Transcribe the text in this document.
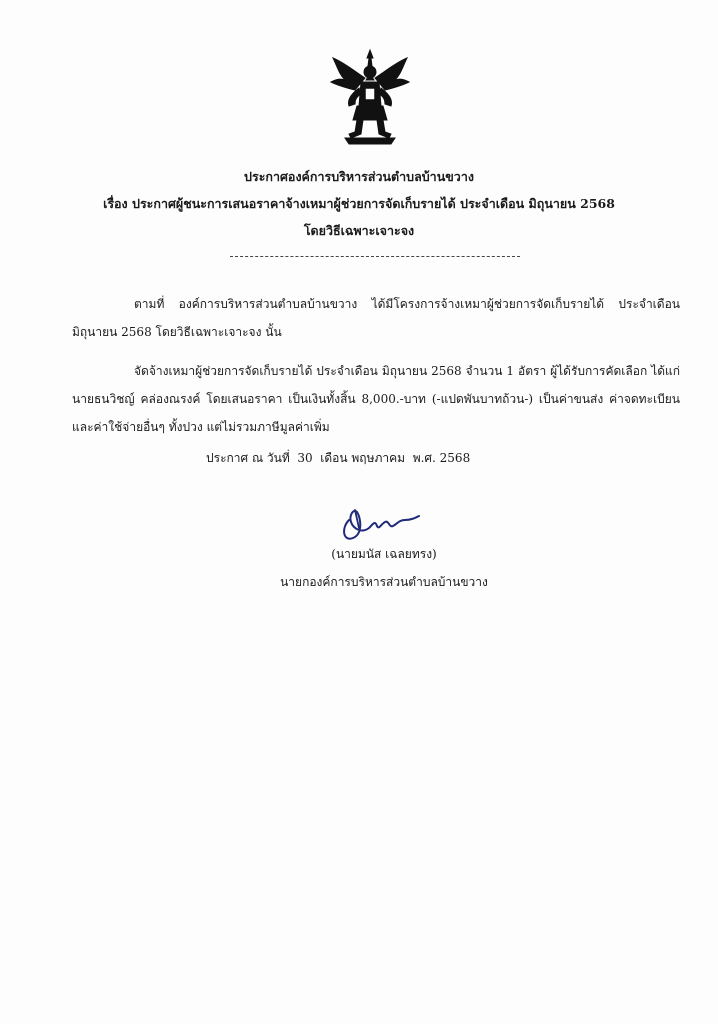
ประกาศองค์การบริหารส่วนตำบลบ้านขวาง
เรื่อง ประกาศผู้ชนะการเสนอราคาจ้างเหมาผู้ช่วยการจัดเก็บรายได้ ประจำเดือน มิถุนายน 2568
โดยวิธีเฉพาะเจาะจง
ตามที่ องค์การบริหารส่วนตำบลบ้านขวาง ได้มีโครงการจ้างเหมาผู้ช่วยการจัดเก็บรายได้ ประจำเดือน มิถุนายน 2568 โดยวิธีเฉพาะเจาะจง นั้น
จัดจ้างเหมาผู้ช่วยการจัดเก็บรายได้ ประจำเดือน มิถุนายน 2568 จำนวน 1 อัตรา ผู้ได้รับการคัดเลือก ได้แก่ นายธนวิชญ์ คล่องณรงค์ โดยเสนอราคา เป็นเงินทั้งสิ้น 8,000.-บาท (-แปดพันบาทถ้วน-) เป็นค่าขนส่ง ค่าจดทะเบียน และค่าใช้จ่ายอื่นๆ ทั้งปวง แต่ไม่รวมภาษีมูลค่าเพิ่ม
ประกาศ ณ วันที่  30  เดือน พฤษภาคม  พ.ศ. 2568
(นายมนัส เฉลยทรง)
นายกองค์การบริหารส่วนตำบลบ้านขวาง
